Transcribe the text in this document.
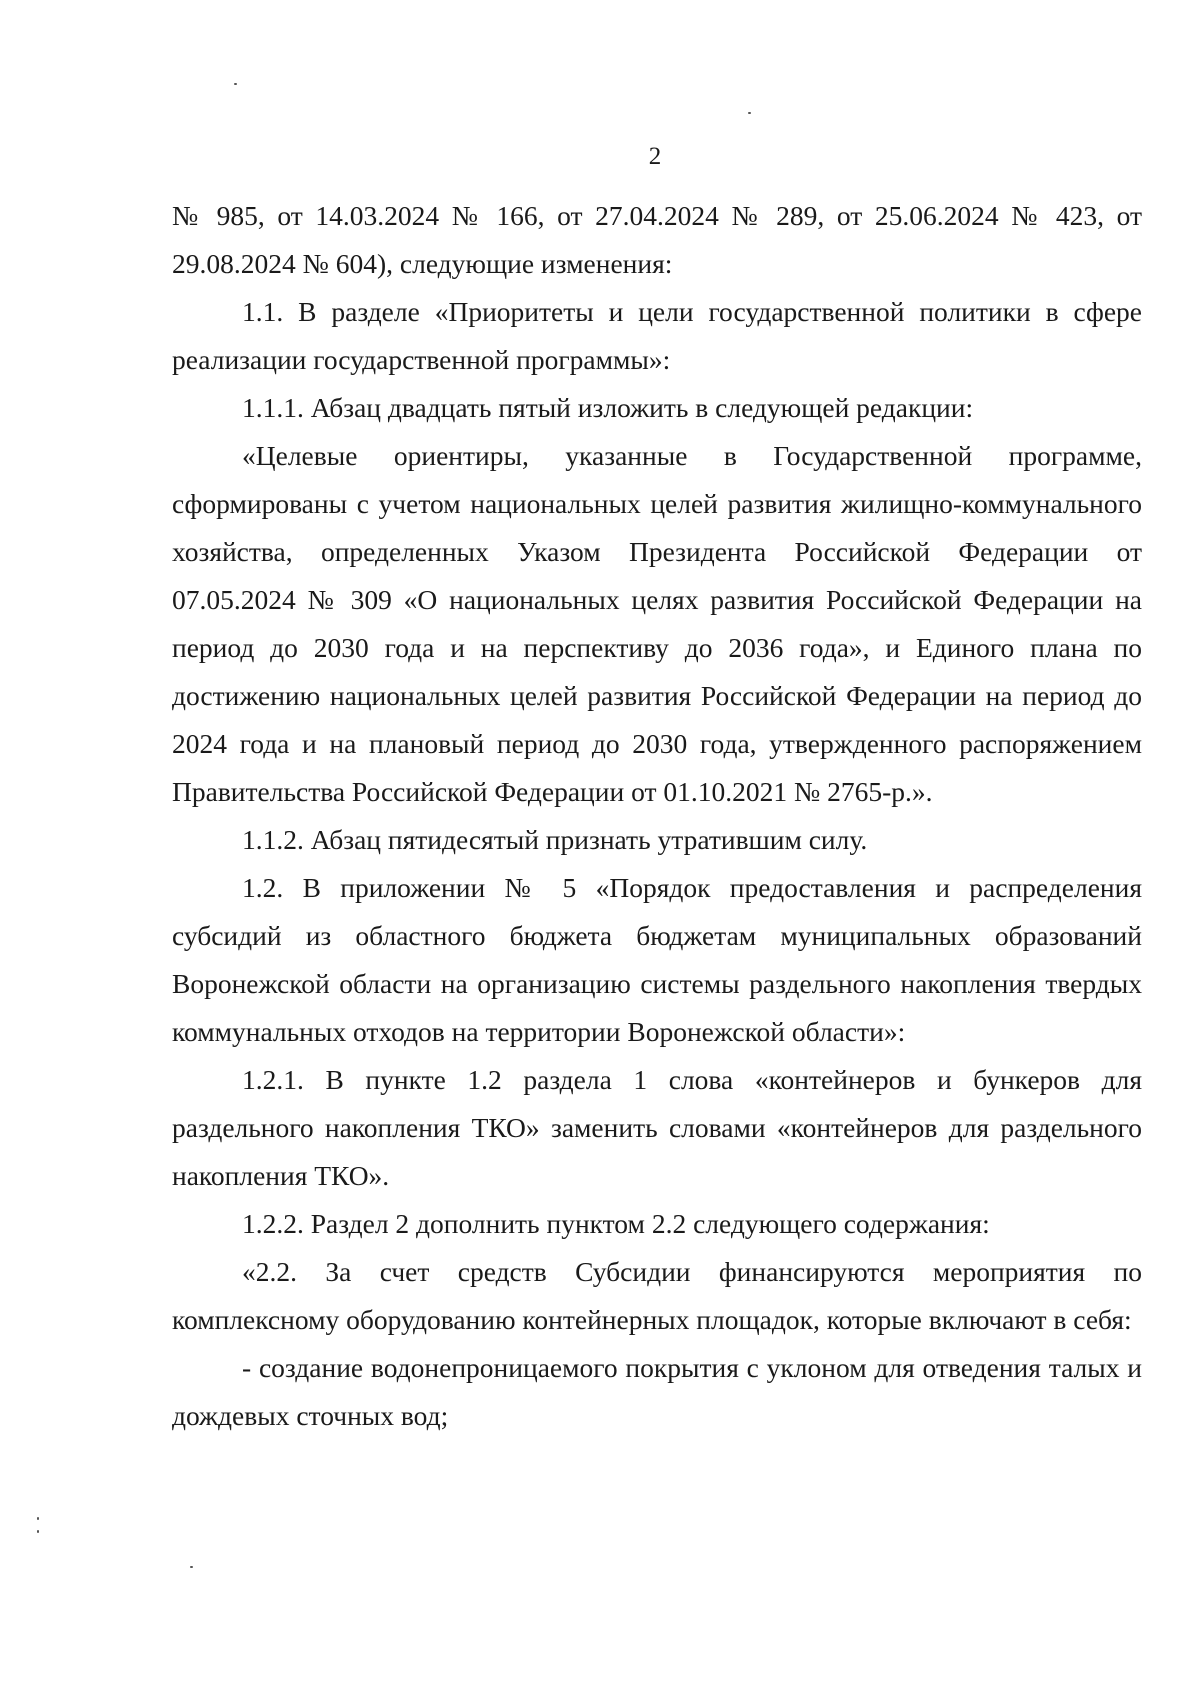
2

№ 985, от 14.03.2024 № 166, от 27.04.2024 № 289, от 25.06.2024 № 423, от 29.08.2024 № 604), следующие изменения:

1.1. В разделе «Приоритеты и цели государственной политики в сфере реализации государственной программы»:

1.1.1. Абзац двадцать пятый изложить в следующей редакции:

«Целевые ориентиры, указанные в Государственной программе, сформированы с учетом национальных целей развития жилищно-коммунального хозяйства, определенных Указом Президента Российской Федерации от 07.05.2024 № 309 «О национальных целях развития Российской Федерации на период до 2030 года и на перспективу до 2036 года», и Единого плана по достижению национальных целей развития Российской Федерации на период до 2024 года и на плановый период до 2030 года, утвержденного распоряжением Правительства Российской Федерации от 01.10.2021 № 2765-р.».

1.1.2. Абзац пятидесятый признать утратившим силу.

1.2. В приложении № 5 «Порядок предоставления и распределения субсидий из областного бюджета бюджетам муниципальных образований Воронежской области на организацию системы раздельного накопления твердых коммунальных отходов на территории Воронежской области»:

1.2.1. В пункте 1.2 раздела 1 слова «контейнеров и бункеров для раздельного накопления ТКО» заменить словами «контейнеров для раздельного накопления ТКО».

1.2.2. Раздел 2 дополнить пунктом 2.2 следующего содержания:

«2.2. За счет средств Субсидии финансируются мероприятия по комплексному оборудованию контейнерных площадок, которые включают в себя:

- создание водонепроницаемого покрытия с уклоном для отведения талых и дождевых сточных вод;
